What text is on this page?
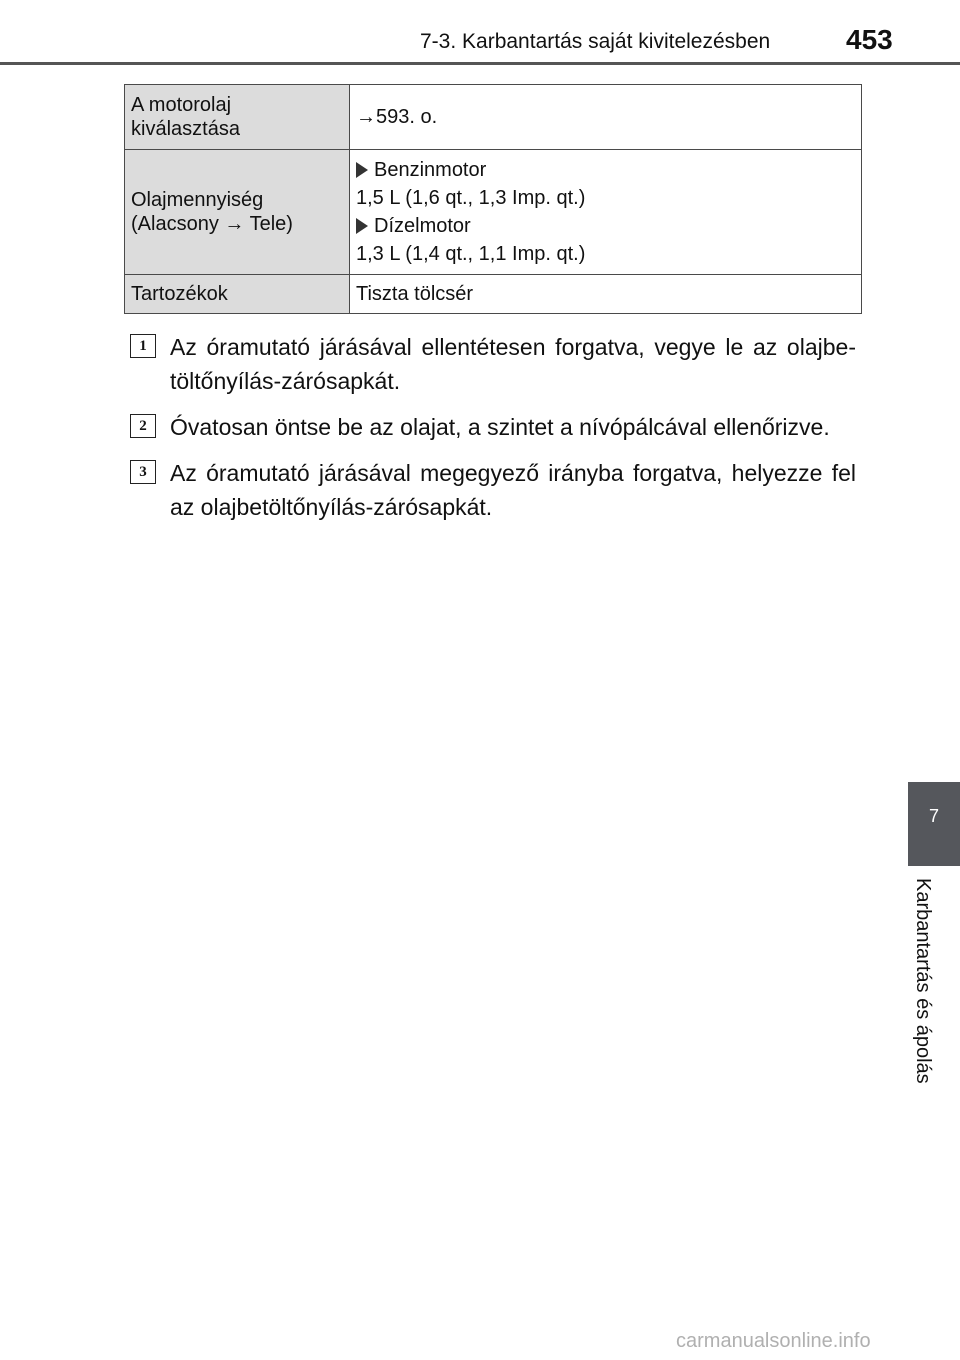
7-3. Karbantartás saját kivitelezésben	453
A motorolaj kiválasztása	→593. o.
Olajmennyiség (Alacsony → Tele)	Benzinmotor
1,5 L (1,6 qt., 1,3 Imp. qt.)
Dízelmotor
1,3 L (1,4 qt., 1,1 Imp. qt.)

Tartozékok	Tiszta tölcsér
1	Az óramutató járásával ellentétesen forgatva, vegye le az olajbetöltőnyílás-zárósapkát.
2	Óvatosan öntse be az olajat, a szintet a nívópálcával ellenőrizve.
3	Az óramutató járásával megegyező irányba forgatva, helyezze fel az olajbetöltőnyílás-zárósapkát.
7
Karbantartás és ápolás
carmanualsonline.info
